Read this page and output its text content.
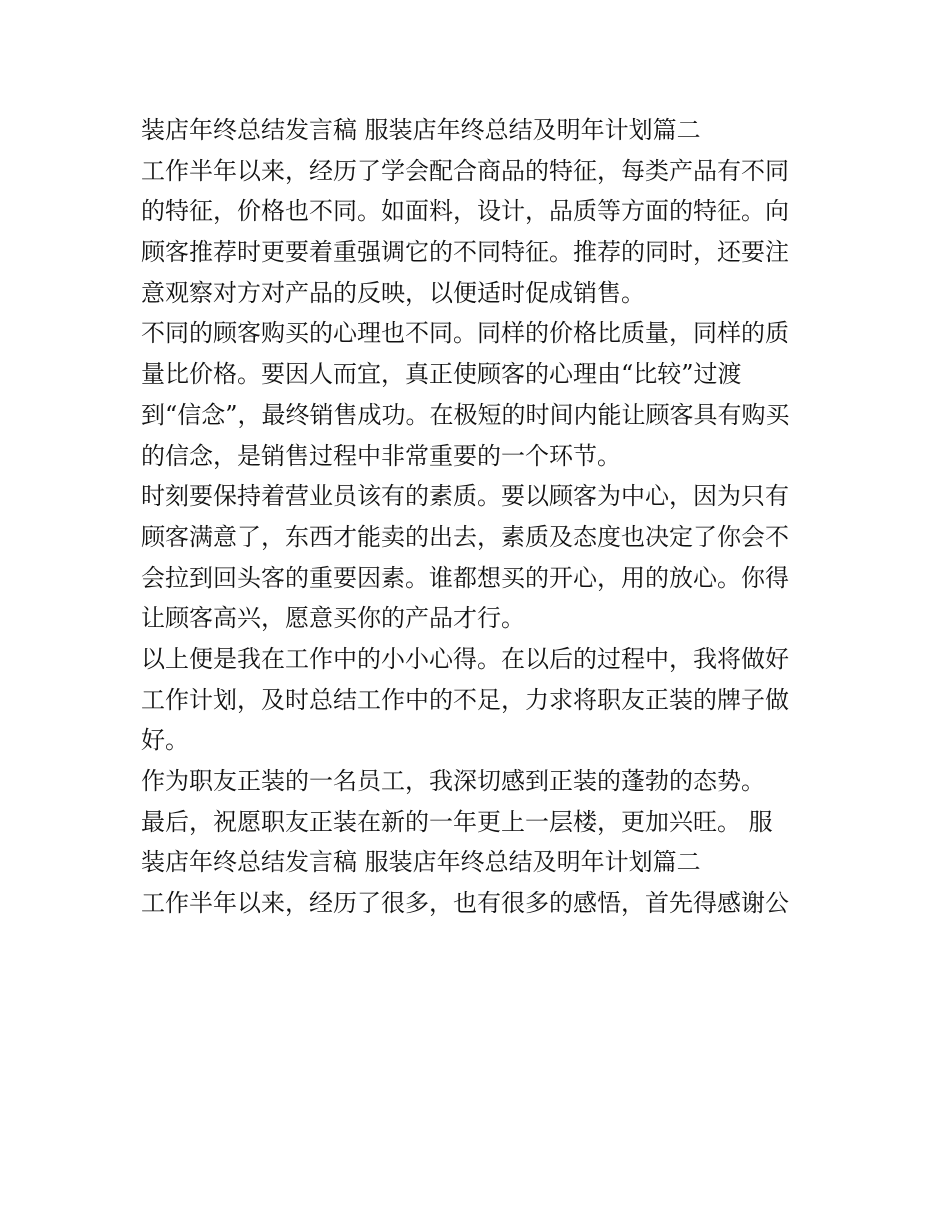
装店年终总结发言稿 服装店年终总结及明年计划篇二
工作半年以来，经历了学会配合商品的特征，每类产品有不同
的特征，价格也不同。如面料，设计，品质等方面的特征。向
顾客推荐时更要着重强调它的不同特征。推荐的同时，还要注
意观察对方对产品的反映，以便适时促成销售。
不同的顾客购买的心理也不同。同样的价格比质量，同样的质
量比价格。要因人而宜，真正使顾客的心理由“比较”过渡
到“信念”，最终销售成功。在极短的时间内能让顾客具有购买
的信念，是销售过程中非常重要的一个环节。
时刻要保持着营业员该有的素质。要以顾客为中心，因为只有
顾客满意了，东西才能卖的出去，素质及态度也决定了你会不
会拉到回头客的重要因素。谁都想买的开心，用的放心。你得
让顾客高兴，愿意买你的产品才行。
以上便是我在工作中的小小心得。在以后的过程中，我将做好
工作计划，及时总结工作中的不足，力求将职友正装的牌子做
好。
作为职友正装的一名员工，我深切感到正装的蓬勃的态势。
最后，祝愿职友正装在新的一年更上一层楼，更加兴旺。 服
装店年终总结发言稿 服装店年终总结及明年计划篇二
工作半年以来，经历了很多，也有很多的感悟，首先得感谢公
